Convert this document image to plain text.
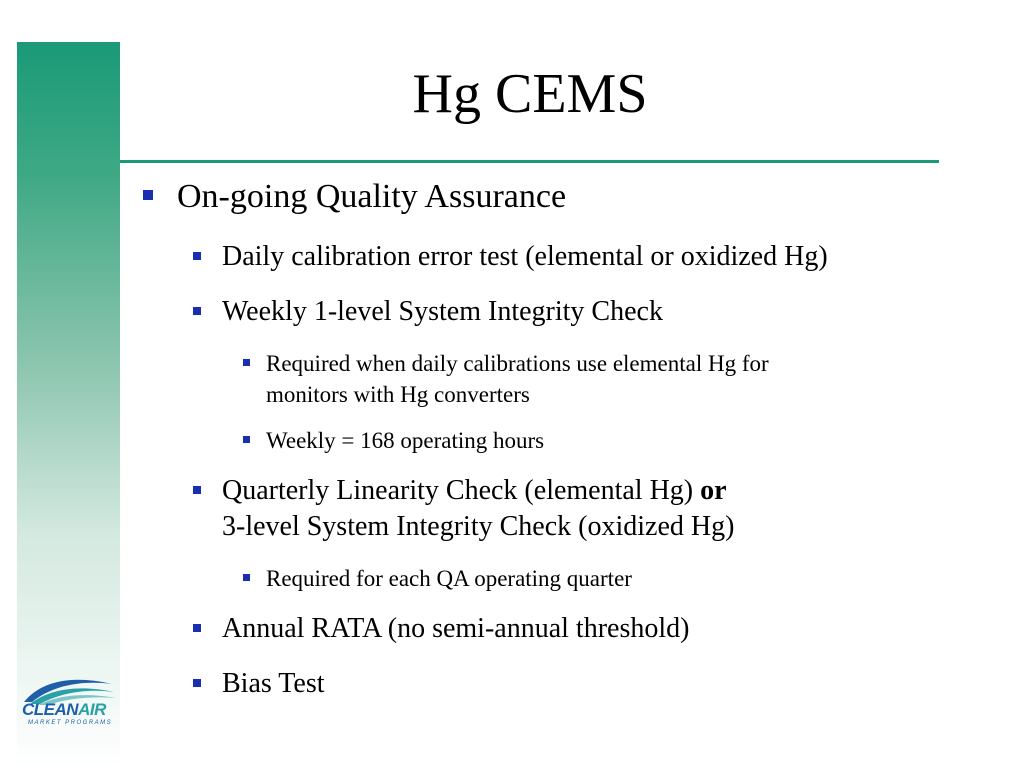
Hg CEMS
On-going Quality Assurance
Daily calibration error test (elemental or oxidized Hg)
Weekly 1-level System Integrity Check
Required when daily calibrations use elemental Hg for
monitors with Hg converters
Weekly = 168 operating hours
Quarterly Linearity Check (elemental Hg) or
3-level System Integrity Check (oxidized Hg)
Required for each QA operating quarter
Annual RATA (no semi-annual threshold)
Bias Test
CLEANAIR
MARKET PROGRAMS
